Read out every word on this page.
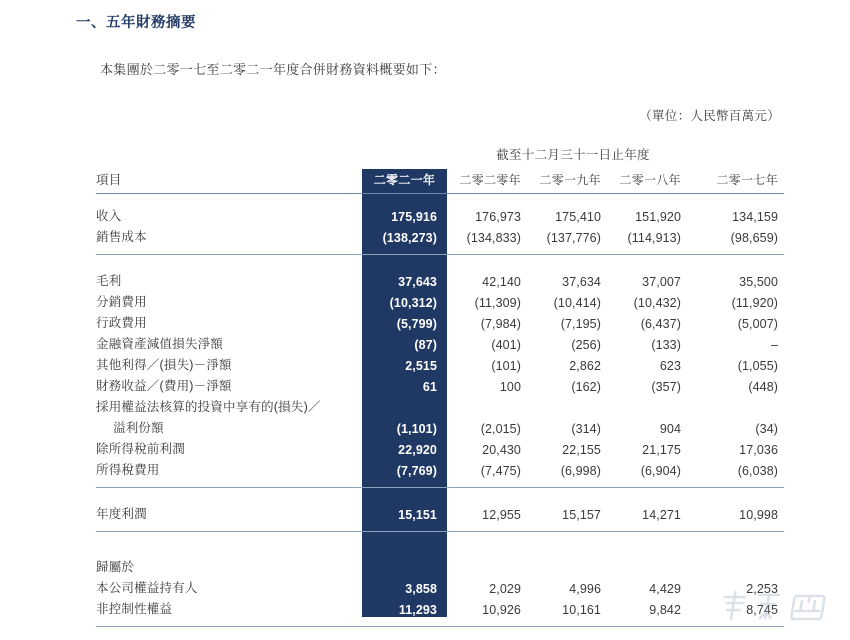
一、五年財務摘要
本集團於二零一七至二零二一年度合併財務資料概要如下：
（單位：人民幣百萬元）
	截至十二月三十一日止年度				
項目	二零二一年	二零二零年	二零一九年	二零一八年	二零一七年

收入	175,916	176,973	175,410	151,920	134,159
銷售成本	(138,273)	(134,833)	(137,776)	(114,913)	(98,659)

毛利	37,643	42,140	37,634	37,007	35,500
分銷費用	(10,312)	(11,309)	(10,414)	(10,432)	(11,920)
行政費用	(5,799)	(7,984)	(7,195)	(6,437)	(5,007)
金融資產減值損失淨額	(87)	(401)	(256)	(133)	–
其他利得／(損失)－淨額	2,515	(101)	2,862	623	(1,055)
財務收益／(費用)－淨額	61	100	(162)	(357)	(448)
採用權益法核算的投資中享有的(損失)／					
溢利份額	(1,101)	(2,015)	(314)	904	(34)
除所得稅前利潤	22,920	20,430	22,155	21,175	17,036
所得稅費用	(7,769)	(7,475)	(6,998)	(6,904)	(6,038)

年度利潤	15,151	12,955	15,157	14,271	10,998

歸屬於					
本公司權益持有人	3,858	2,029	4,996	4,429	2,253
非控制性權益	11,293	10,926	10,161	9,842	8,745
